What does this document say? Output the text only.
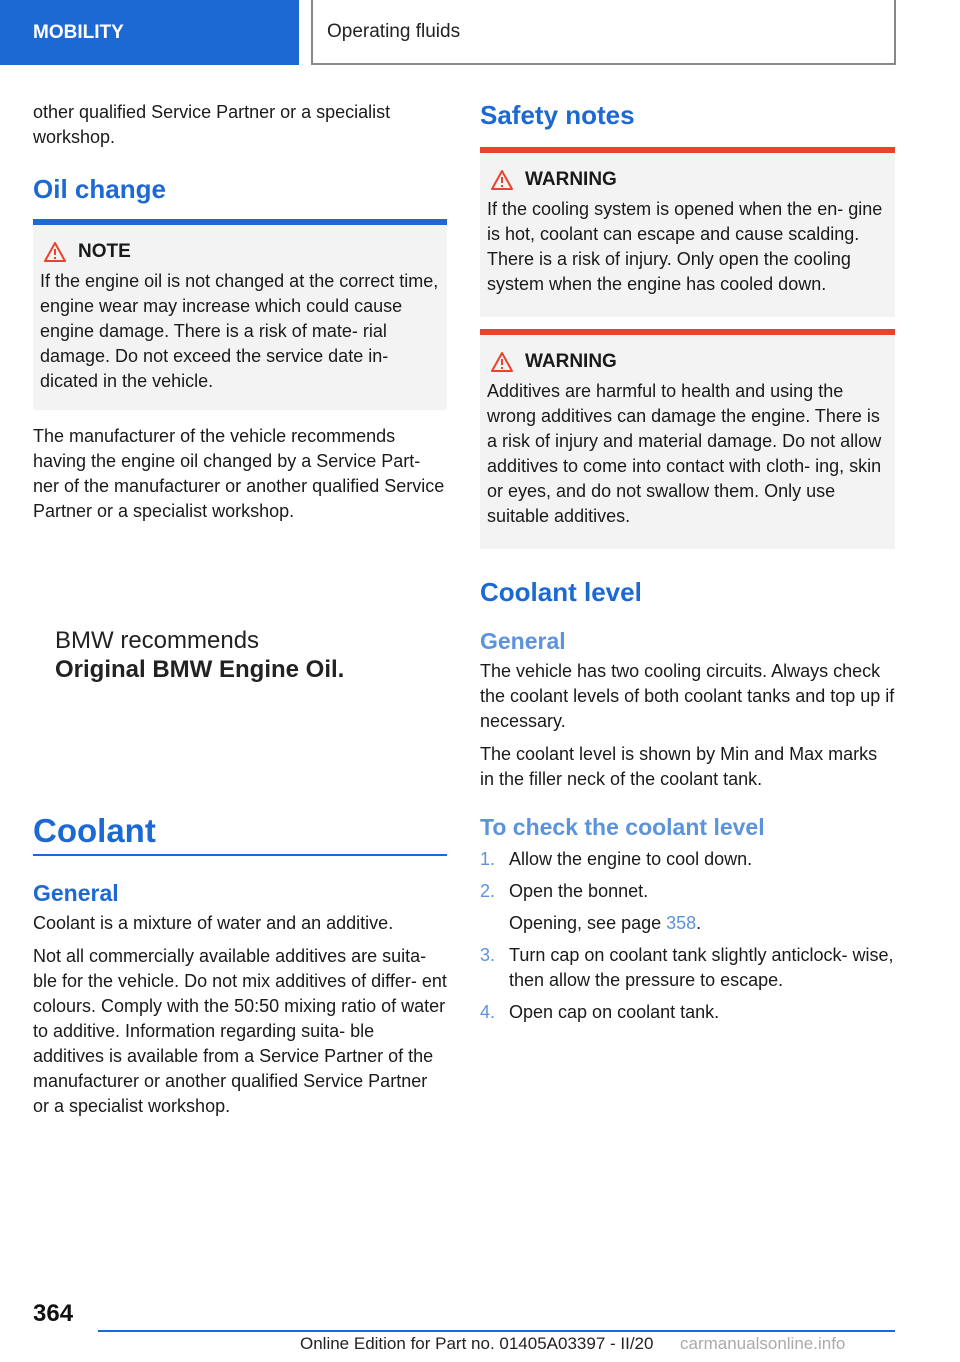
MOBILITY	Operating fluids

other qualified Service Partner or a specialist workshop.

Oil change
NOTE

If the engine oil is not changed at the correct time, engine wear may increase which could cause engine damage. There is a risk of mate‐ rial damage. Do not exceed the service date in‐ dicated in the vehicle.

The manufacturer of the vehicle recommends having the engine oil changed by a Service Part‐ ner of the manufacturer or another qualified Service Partner or a specialist workshop.

BMW recommends
Original BMW Engine Oil.
Coolant
General

Coolant is a mixture of water and an additive.

Not all commercially available additives are suita‐ ble for the vehicle. Do not mix additives of differ‐ ent colours. Comply with the 50:50 mixing ratio of water to additive. Information regarding suita‐ ble additives is available from a Service Partner of the manufacturer or another qualified Service Partner or a specialist workshop.

Safety notes
WARNING

If the cooling system is opened when the en‐ gine is hot, coolant can escape and cause scalding. There is a risk of injury. Only open the cooling system when the engine has cooled down.

WARNING

Additives are harmful to health and using the wrong additives can damage the engine. There is a risk of injury and material damage. Do not allow additives to come into contact with cloth‐ ing, skin or eyes, and do not swallow them. Only use suitable additives.

Coolant level
General

The vehicle has two cooling circuits. Always check the coolant levels of both coolant tanks and top up if necessary.

The coolant level is shown by Min and Max marks in the filler neck of the coolant tank.

To check the coolant level
1. Allow the engine to cool down.
2. Open the bonnet.
Opening, see page 358.
3. Turn cap on coolant tank slightly anticlock‐ wise, then allow the pressure to escape.
4. Open cap on coolant tank.
364
Online Edition for Part no. 01405A03397 - II/20 carmanualsonline.info
